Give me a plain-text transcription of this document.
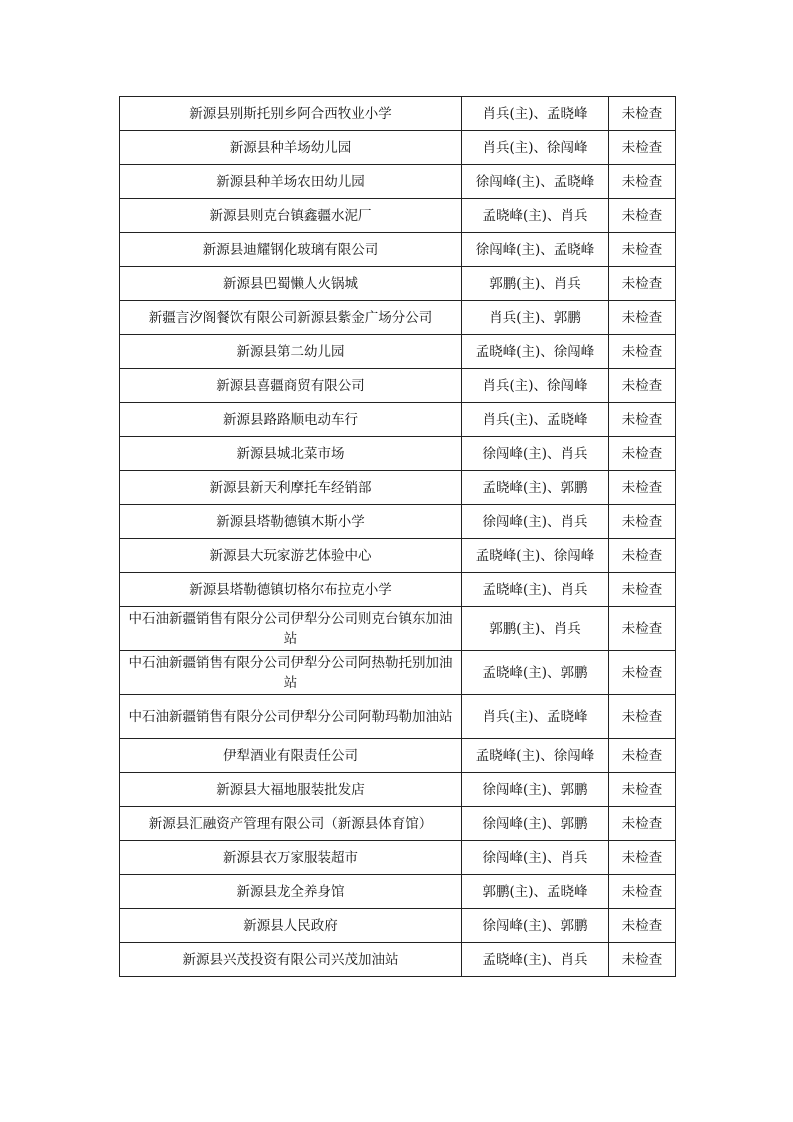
新源县别斯托别乡阿合西牧业小学	肖兵(主)、孟晓峰	未检查
新源县种羊场幼儿园	肖兵(主)、徐闯峰	未检查
新源县种羊场农田幼儿园	徐闯峰(主)、孟晓峰	未检查
新源县则克台镇鑫疆水泥厂	孟晓峰(主)、肖兵	未检查
新源县迪耀钢化玻璃有限公司	徐闯峰(主)、孟晓峰	未检查
新源县巴蜀懒人火锅城	郭鹏(主)、肖兵	未检查
新疆言汐阁餐饮有限公司新源县紫金广场分公司	肖兵(主)、郭鹏	未检查
新源县第二幼儿园	孟晓峰(主)、徐闯峰	未检查
新源县喜疆商贸有限公司	肖兵(主)、徐闯峰	未检查
新源县路路顺电动车行	肖兵(主)、孟晓峰	未检查
新源县城北菜市场	徐闯峰(主)、肖兵	未检查
新源县新天利摩托车经销部	孟晓峰(主)、郭鹏	未检查
新源县塔勒德镇木斯小学	徐闯峰(主)、肖兵	未检查
新源县大玩家游艺体验中心	孟晓峰(主)、徐闯峰	未检查
新源县塔勒德镇切格尔布拉克小学	孟晓峰(主)、肖兵	未检查
中石油新疆销售有限分公司伊犁分公司则克台镇东加油站	郭鹏(主)、肖兵	未检查
中石油新疆销售有限分公司伊犁分公司阿热勒托别加油站	孟晓峰(主)、郭鹏	未检查
中石油新疆销售有限分公司伊犁分公司阿勒玛勒加油站	肖兵(主)、孟晓峰	未检查
伊犁酒业有限责任公司	孟晓峰(主)、徐闯峰	未检查
新源县大福地服装批发店	徐闯峰(主)、郭鹏	未检查
新源县汇融资产管理有限公司（新源县体育馆）	徐闯峰(主)、郭鹏	未检查
新源县衣万家服装超市	徐闯峰(主)、肖兵	未检查
新源县龙全养身馆	郭鹏(主)、孟晓峰	未检查
新源县人民政府	徐闯峰(主)、郭鹏	未检查
新源县兴茂投资有限公司兴茂加油站	孟晓峰(主)、肖兵	未检查
